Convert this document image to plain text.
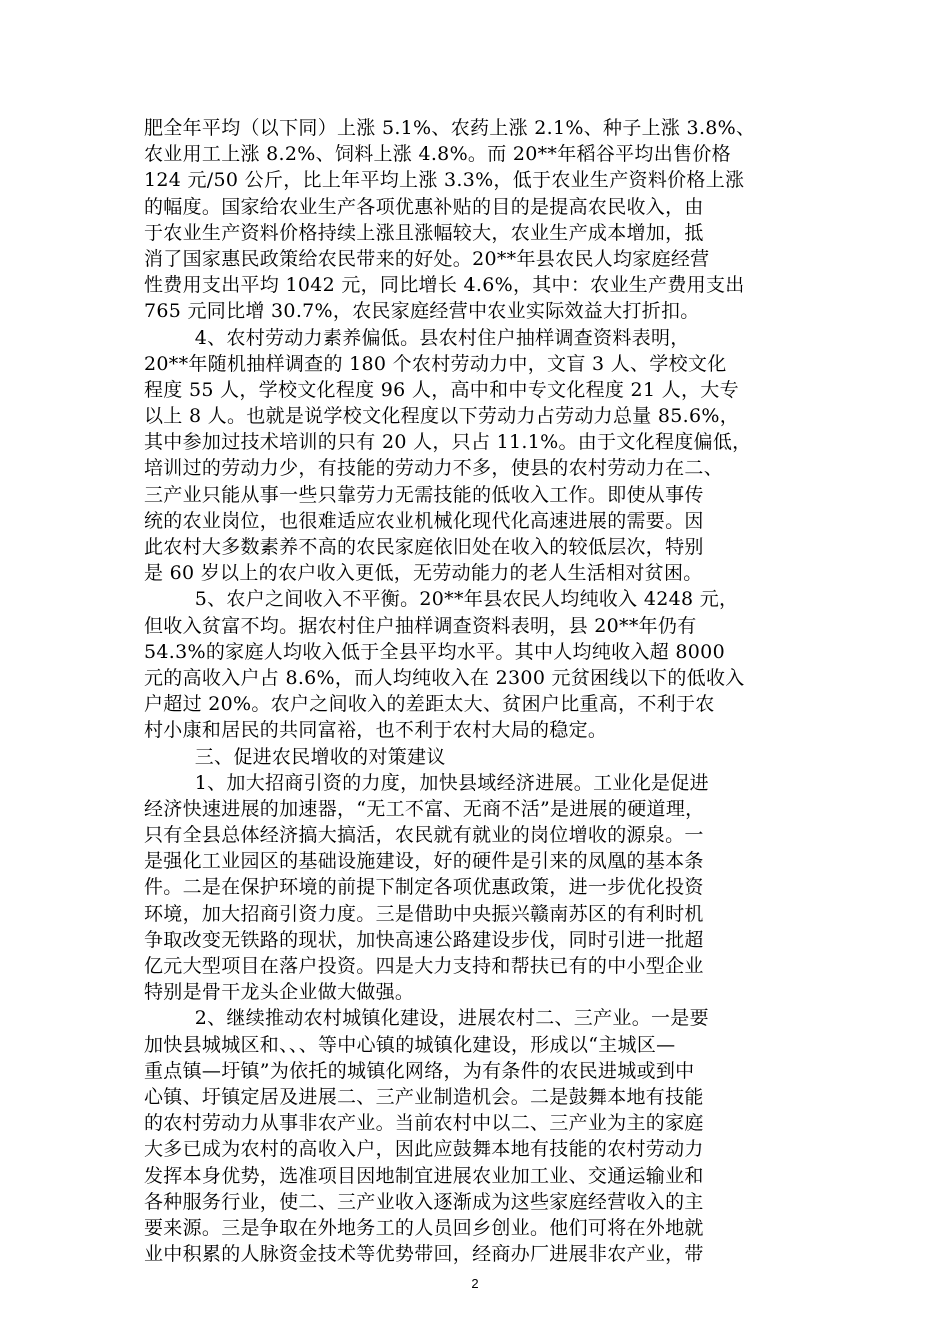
肥全年平均（以下同）上涨 5.1%、农药上涨 2.1%、种子上涨 3.8%、
农业用工上涨 8.2%、饲料上涨 4.8%。而 20**年稻谷平均出售价格
124 元/50 公斤，比上年平均上涨 3.3%，低于农业生产资料价格上涨
的幅度。国家给农业生产各项优惠补贴的目的是提高农民收入，由
于农业生产资料价格持续上涨且涨幅较大，农业生产成本增加，抵
消了国家惠民政策给农民带来的好处。20**年县农民人均家庭经营
性费用支出平均 1042 元，同比增长 4.6%，其中：农业生产费用支出
765 元同比增 30.7%，农民家庭经营中农业实际效益大打折扣。
4、农村劳动力素养偏低。县农村住户抽样调查资料表明，
20**年随机抽样调查的 180 个农村劳动力中，文盲 3 人、学校文化
程度 55 人，学校文化程度 96 人，高中和中专文化程度 21 人，大专
以上 8 人。也就是说学校文化程度以下劳动力占劳动力总量 85.6%，
其中参加过技术培训的只有 20 人，只占 11.1%。由于文化程度偏低，
培训过的劳动力少，有技能的劳动力不多，使县的农村劳动力在二、
三产业只能从事一些只靠劳力无需技能的低收入工作。即使从事传
统的农业岗位，也很难适应农业机械化现代化高速进展的需要。因
此农村大多数素养不高的农民家庭依旧处在收入的较低层次，特别
是 60 岁以上的农户收入更低，无劳动能力的老人生活相对贫困。
5、农户之间收入不平衡。20**年县农民人均纯收入 4248 元，
但收入贫富不均。据农村住户抽样调查资料表明，县 20**年仍有
54.3%的家庭人均收入低于全县平均水平。其中人均纯收入超 8000
元的高收入户占 8.6%，而人均纯收入在 2300 元贫困线以下的低收入
户超过 20%。农户之间收入的差距太大、贫困户比重高，不利于农
村小康和居民的共同富裕，也不利于农村大局的稳定。
三、促进农民增收的对策建议
1、加大招商引资的力度，加快县域经济进展。工业化是促进
经济快速进展的加速器，“无工不富、无商不活”是进展的硬道理，
只有全县总体经济搞大搞活，农民就有就业的岗位增收的源泉。一
是强化工业园区的基础设施建设，好的硬件是引来的凤凰的基本条
件。二是在保护环境的前提下制定各项优惠政策，进一步优化投资
环境，加大招商引资力度。三是借助中央振兴赣南苏区的有利时机
争取改变无铁路的现状，加快高速公路建设步伐，同时引进一批超
亿元大型项目在落户投资。四是大力支持和帮扶已有的中小型企业
特别是骨干龙头企业做大做强。
2、继续推动农村城镇化建设，进展农村二、三产业。一是要
加快县城城区和、、、等中心镇的城镇化建设，形成以“主城区—
重点镇—圩镇”为依托的城镇化网络，为有条件的农民进城或到中
心镇、圩镇定居及进展二、三产业制造机会。二是鼓舞本地有技能
的农村劳动力从事非农产业。当前农村中以二、三产业为主的家庭
大多已成为农村的高收入户，因此应鼓舞本地有技能的农村劳动力
发挥本身优势，选准项目因地制宜进展农业加工业、交通运输业和
各种服务行业，使二、三产业收入逐渐成为这些家庭经营收入的主
要来源。三是争取在外地务工的人员回乡创业。他们可将在外地就
业中积累的人脉资金技术等优势带回，经商办厂进展非农产业，带
2
